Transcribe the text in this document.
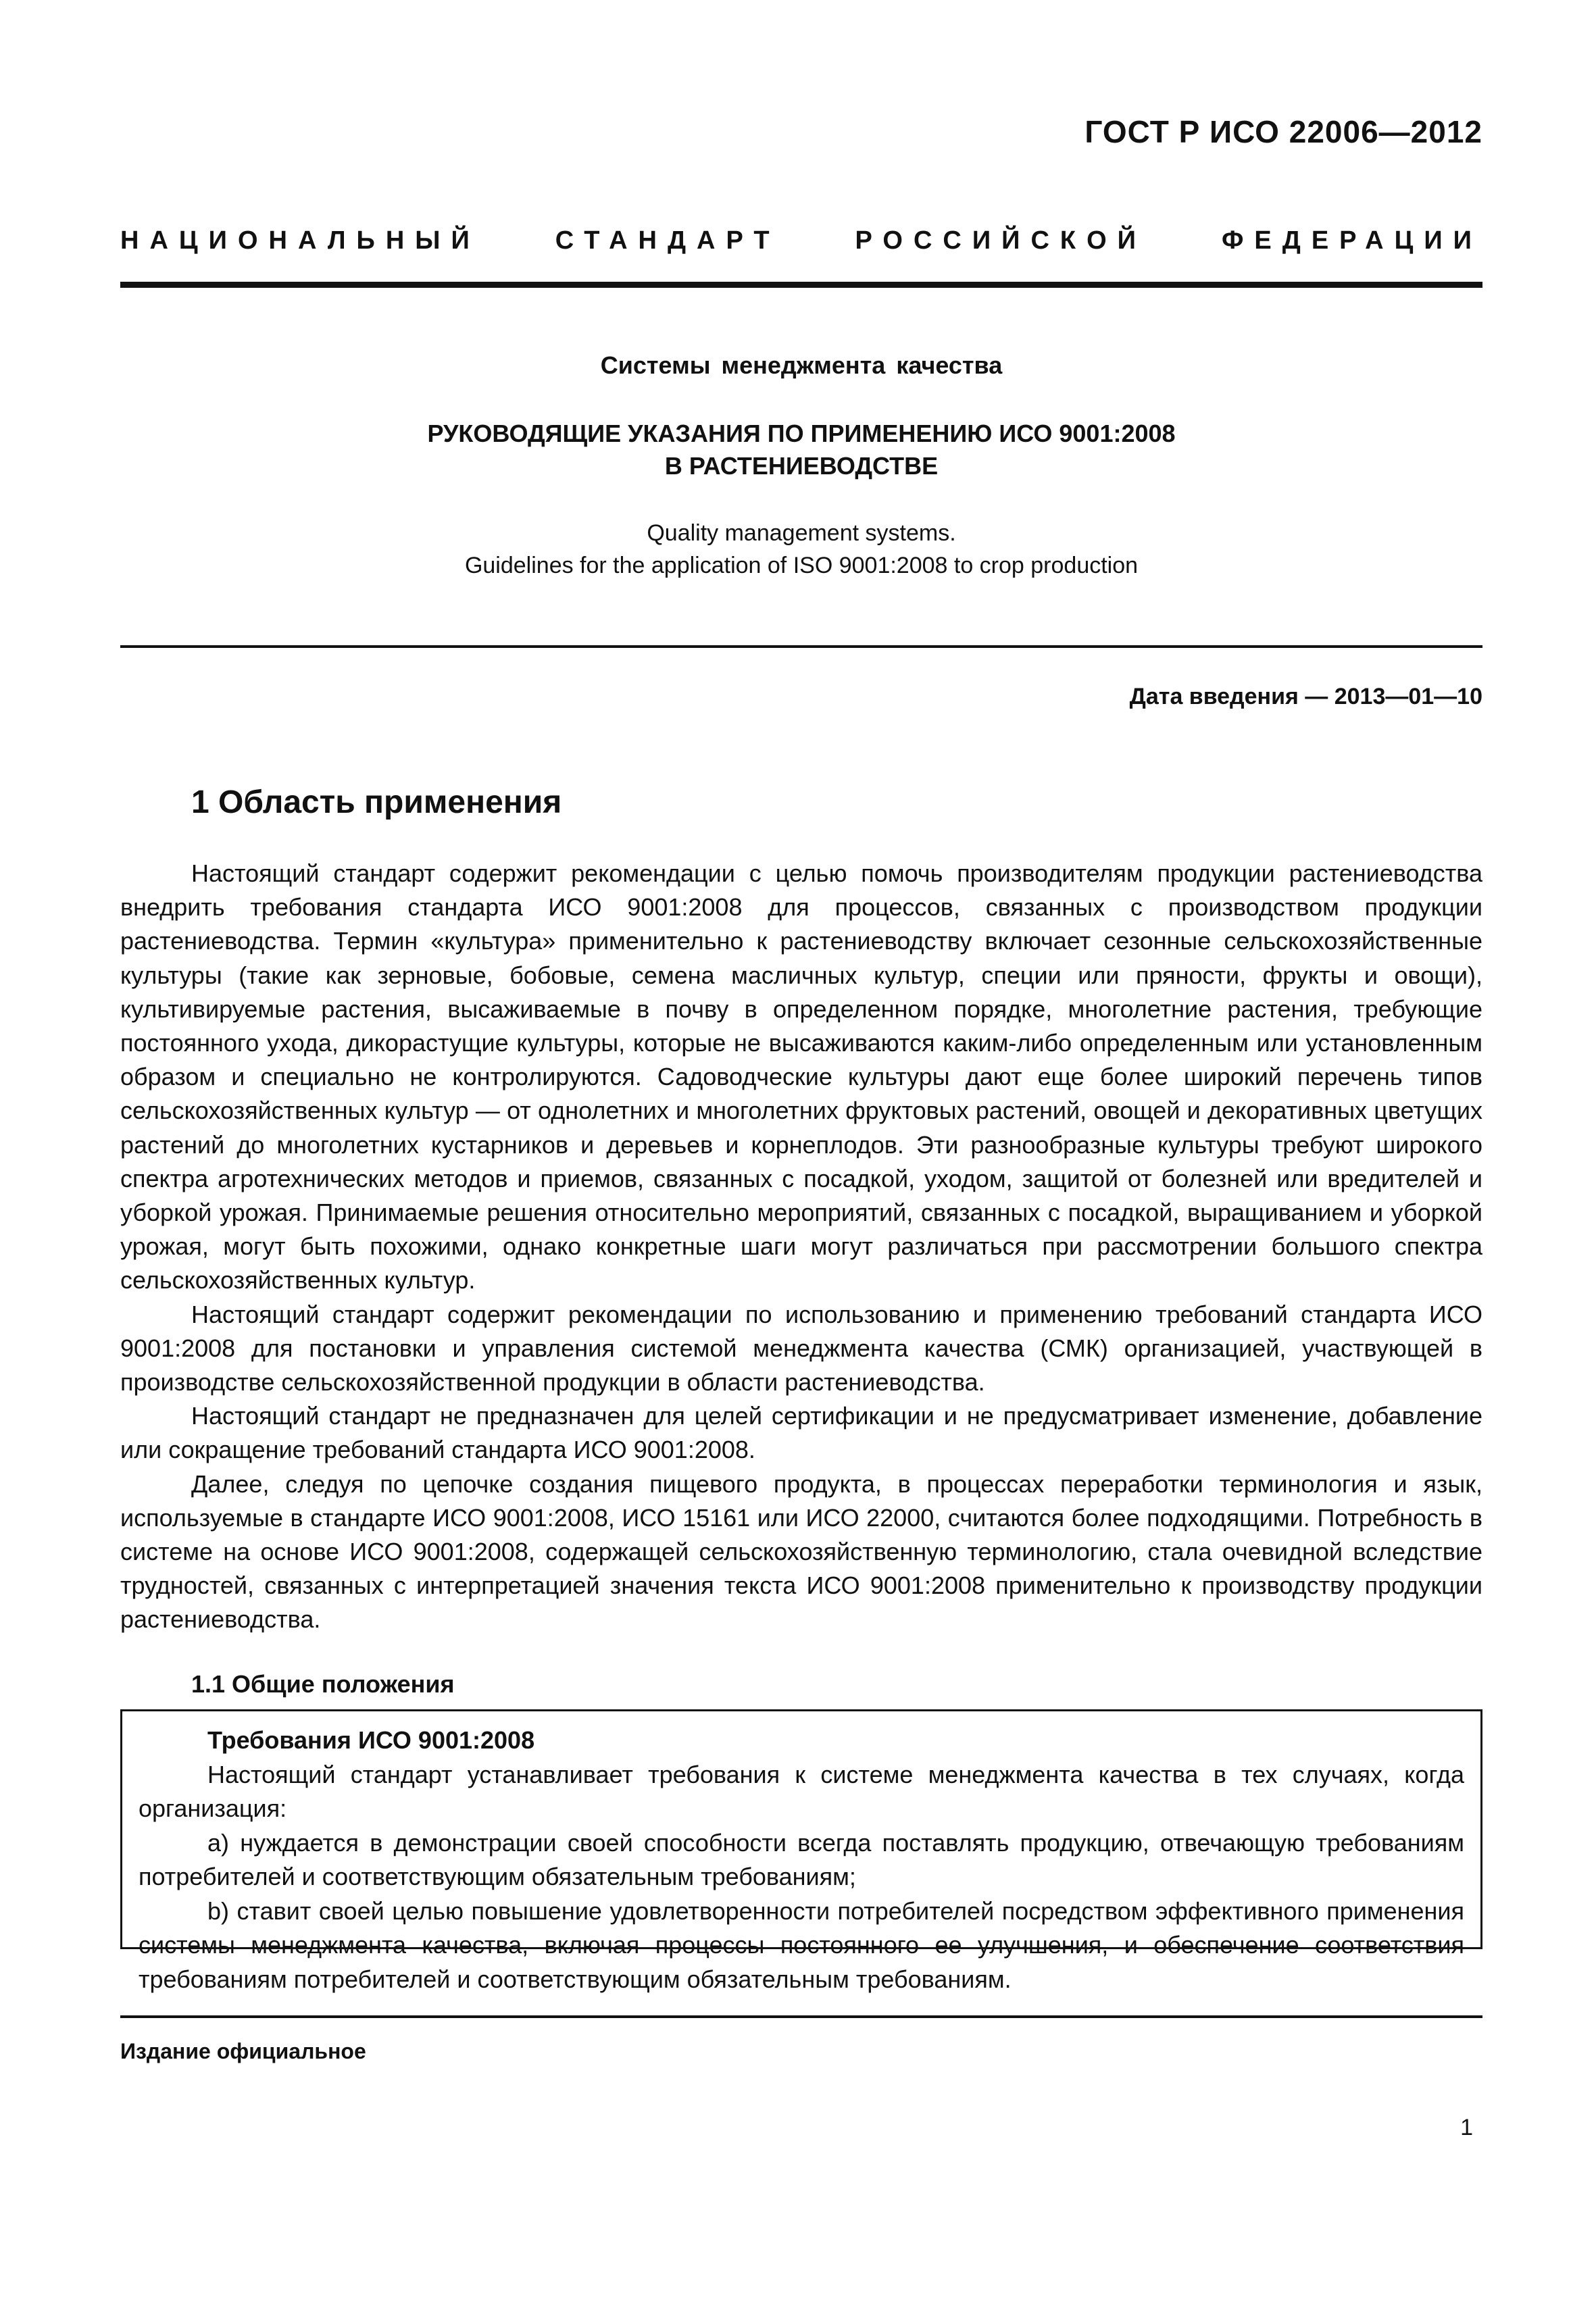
ГОСТ Р ИСО 22006—2012
НАЦИОНАЛЬНЫЙ СТАНДАРТ РОССИЙСКОЙ ФЕДЕРАЦИИ
Системы менеджмента качества
РУКОВОДЯЩИЕ УКАЗАНИЯ ПО ПРИМЕНЕНИЮ ИСО 9001:2008
В РАСТЕНИЕВОДСТВЕ
Quality management systems.
Guidelines for the application of ISO 9001:2008 to crop production
Дата введения — 2013—01—10
1 Область применения

Настоящий стандарт содержит рекомендации с целью помочь производителям продукции растениеводства внедрить требования стандарта ИСО 9001:2008 для процессов, связанных с производством продукции растениеводства. Термин «культура» применительно к растениеводству включает сезонные сельскохозяйственные культуры (такие как зерновые, бобовые, семена масличных культур, специи или пряности, фрукты и овощи), культивируемые растения, высаживаемые в почву в определенном порядке, многолетние растения, требующие постоянного ухода, дикорастущие культуры, которые не высаживаются каким-либо определенным или установленным образом и специально не контролируются. Садоводческие культуры дают еще более широкий перечень типов сельскохозяйственных культур — от однолетних и многолетних фруктовых растений, овощей и декоративных цветущих растений до многолетних кустарников и деревьев и корнеплодов. Эти разнообразные культуры требуют широкого спектра агротехнических методов и приемов, связанных с посадкой, уходом, защитой от болезней или вредителей и уборкой урожая. Принимаемые решения относительно мероприятий, связанных с посадкой, выращиванием и уборкой урожая, могут быть похожими, однако конкретные шаги могут различаться при рассмотрении большого спектра сельскохозяйственных культур.

Настоящий стандарт содержит рекомендации по использованию и применению требований стандарта ИСО 9001:2008 для постановки и управления системой менеджмента качества (СМК) организацией, участвующей в производстве сельскохозяйственной продукции в области растениеводства.

Настоящий стандарт не предназначен для целей сертификации и не предусматривает изменение, добавление или сокращение требований стандарта ИСО 9001:2008.

Далее, следуя по цепочке создания пищевого продукта, в процессах переработки терминология и язык, используемые в стандарте ИСО 9001:2008, ИСО 15161 или ИСО 22000, считаются более подходящими. Потребность в системе на основе ИСО 9001:2008, содержащей сельскохозяйственную терминологию, стала очевидной вследствие трудностей, связанных с интерпретацией значения текста ИСО 9001:2008 применительно к производству продукции растениеводства.

1.1 Общие положения

Требования ИСО 9001:2008

Настоящий стандарт устанавливает требования к системе менеджмента качества в тех случаях, когда организация:

a) нуждается в демонстрации своей способности всегда поставлять продукцию, отвечающую требованиям потребителей и соответствующим обязательным требованиям;

b) ставит своей целью повышение удовлетворенности потребителей посредством эффективного применения системы менеджмента качества, включая процессы постоянного ее улучшения, и обеспечение соответствия требованиям потребителей и соответствующим обязательным требованиям.

Издание официальное
1
